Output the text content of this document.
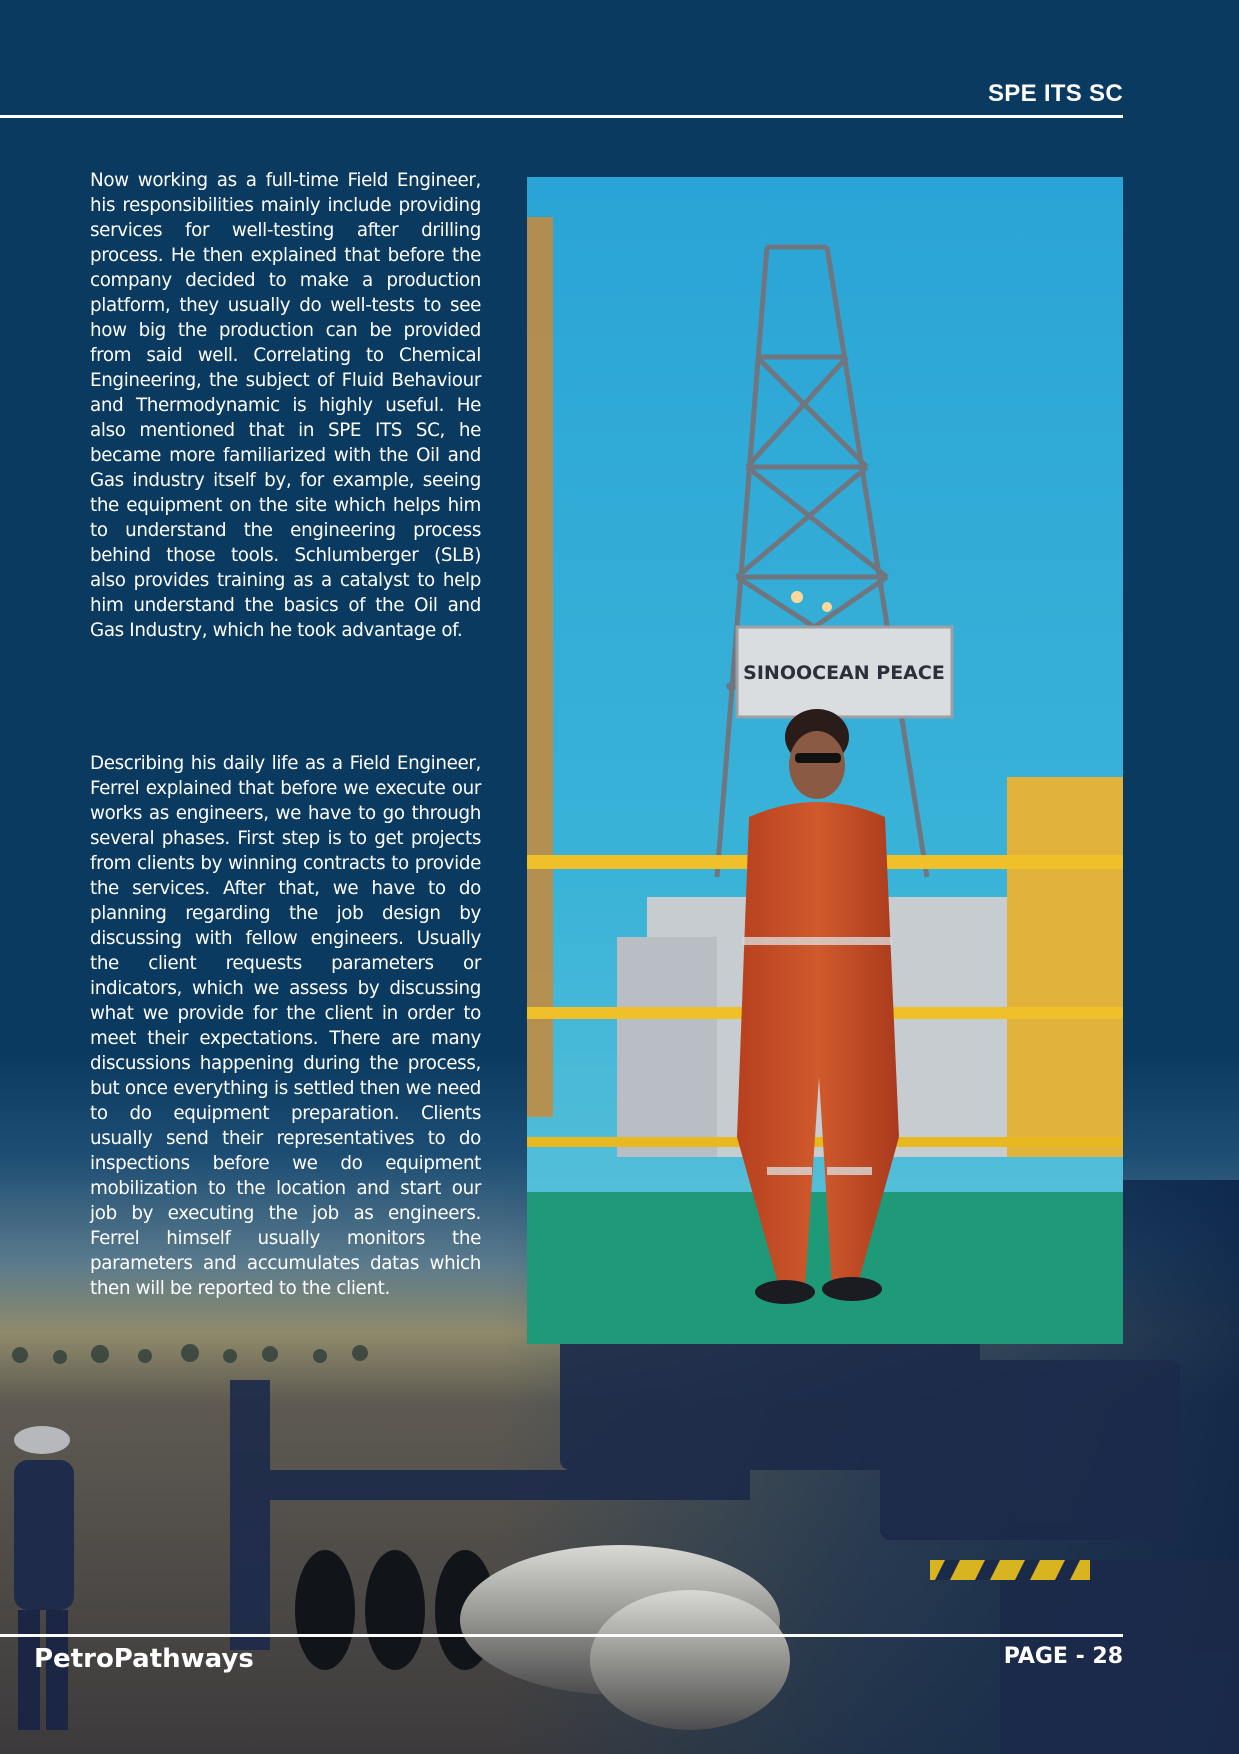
SPE ITS SC

Now working as a full-time Field Engineer, his responsibilities mainly include providing services for well-testing after drilling process. He then explained that before the company decided to make a production platform, they usually do well-tests to see how big the production can be provided from said well. Correlating to Chemical Engineering, the subject of Fluid Behaviour and Thermodynamic is highly useful. He also mentioned that in SPE ITS SC, he became more familiarized with the Oil and Gas industry itself by, for example, seeing the equipment on the site which helps him to understand the engineering process behind those tools. Schlumberger (SLB) also provides training as a catalyst to help him understand the basics of the Oil and Gas Industry, which he took advantage of.

Describing his daily life as a Field Engineer, Ferrel explained that before we execute our works as engineers, we have to go through several phases. First step is to get projects from clients by winning contracts to provide the services. After that, we have to do planning regarding the job design by discussing with fellow engineers. Usually the client requests parameters or indicators, which we assess by discussing what we provide for the client in order to meet their expectations. There are many discussions happening during the process, but once everything is settled then we need to do equipment preparation. Clients usually send their representatives to do inspections before we do equipment mobilization to the location and start our job by executing the job as engineers. Ferrel himself usually monitors the parameters and accumulates datas which then will be reported to the client.

SINOOCEAN PEACE
PetroPathways	PAGE - 28
